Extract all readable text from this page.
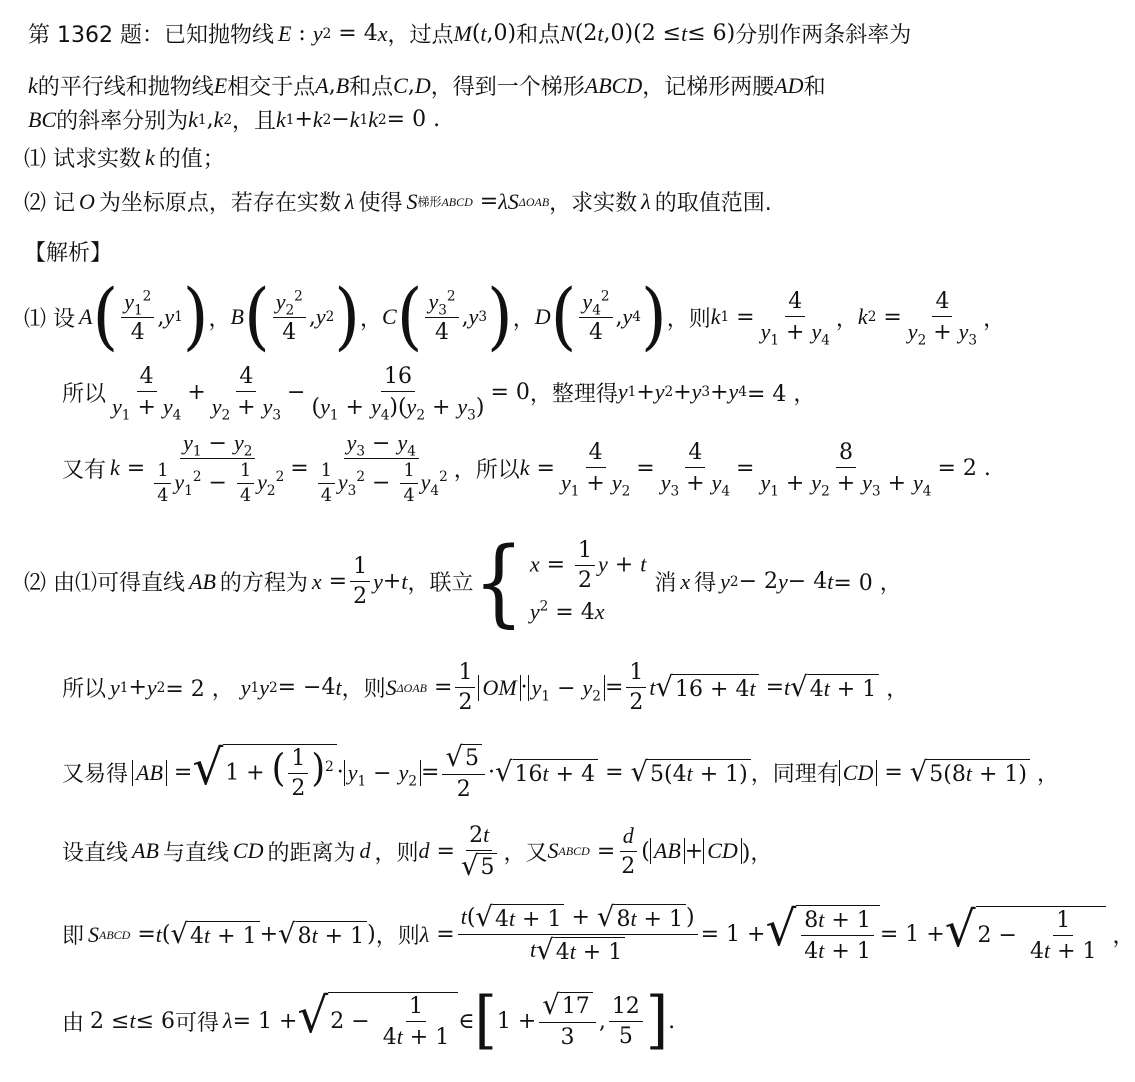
第 1362 题：已知抛物线 E : y 2 = 4 x ，过点 M ( t ,0) 和点 N (2 t ,0)(2 ≤ t ≤ 6) 分别作两条斜率为
k 的平行线和抛物线 E 相交于点 A , B 和点 C , D ，得到一个梯形 ABCD ，记梯形两腰 AD 和
BC 的斜率分别为 k 1 , k 2 ，且 k 1 + k 2 − k 1 k 2 = 0 .
⑴ 试求实数 k 的值；
⑵ 记 O 为坐标原点，若存在实数 λ 使得 S 梯形 ABCD = λS ΔOAB ，求实数 λ 的取值范围.
【解析】
⑴ 设 A ( $\frac{y_1^2}{4}$ , y 1 ) ， B ( $\frac{y_2^2}{4}$ , y 2 ) ， C ( $\frac{y_3^2}{4}$ , y 3 ) ， D ( $\frac{y_4^2}{4}$ , y 4 ) ，则 k $1 = \frac{4}{y_1 + y_4}$ ， k $2 = \frac{4}{y_2 + y_3}$ ，
所以 $\frac{4}{y_1 + y_4} + \frac{4}{y_2 + y_3} - \frac{16}{(y_1 + y_4)(y_2 + y_3)} = 0$ ，整理得 y 1 + y 2 + y 3 + y 4 = 4 ，
又有 $k = \frac{y_1 - y_2}{\frac{1}{4} y_1^2 - \frac{1}{4} y_2^2} = \frac{y_3 - y_4}{\frac{1}{4} y_3^2 - \frac{1}{4} y_4^2}$ ，所以 $k = \frac{4}{y_1 + y_2} = \frac{4}{y_3 + y_4} = \frac{8}{y_1 + y_2 + y_3 + y_4} = 2$ .
⑵ 由⑴可得直线 AB 的方程为 $x = \frac{1}{2}$ y + t ，联立 { $x = \frac{1}{2}$ y + t
$y^2 = 4x$
消 x 得 y 2 − 2 y − 4 t = 0 ，
所以 y 1 + y 2 = 2 ， y 1 y 2 = −4 t ，则 S $\Delta OAB = \frac{1}{2}$ OM · $y_1 - y_2 = \frac{1}{2}$ t √ 16 + 4t = t √ 4t + 1 ，
又易得 AB = √ 1 + ( $\frac{1}{2} )^2 \cdot y_1 - y_2 = \frac{√ 5}{2}$ · √ 16t + 4 = √ 5(4t + 1) ，同理有 CD = √ 5(8t + 1) ，
设直线 AB 与直线 CD 的距离为 d ，则 $d = \frac{2t}{√ 5}$ ，又 S ABCD = $\frac{d}{2}$ ( AB + CD )，
即 S ABCD = t ( √ 4t + 1 + √ 8t + 1 ) ，则 $\lambda = \frac{t( √ 4t + 1 + √ 8t + 1 )}{t √ 4t + 1} = 1$ + √ $\frac{8t + 1}{4t + 1} = 1$ + √ $2 - \frac{1}{4t + 1}$ ，
由 2 ≤ t ≤ 6 可得 λ = 1 + √ $2 - \frac{1}{4t + 1}$ ∈ [ $1 + \frac{√ 17}{3}$ , $\frac{12}{5}$ ] .
